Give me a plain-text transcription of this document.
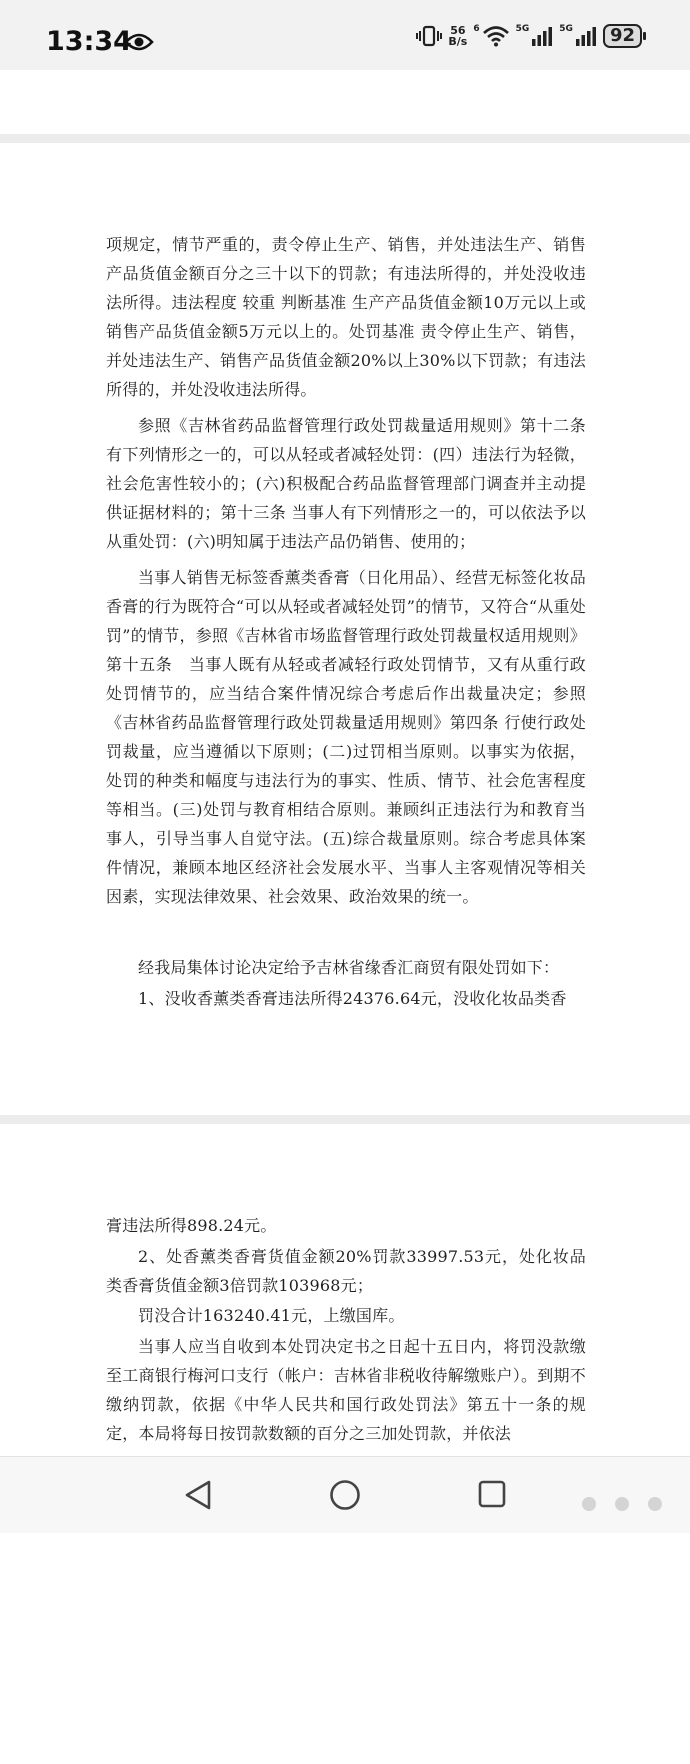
13:34	56
B/s
6	5G	5G	92

项规定，情节严重的，责令停止生产、销售，并处违法生产、销售产品货值金额百分之三十以下的罚款；有违法所得的，并处没收违法所得。违法程度 较重 判断基准 生产产品货值金额10万元以上或销售产品货值金额5万元以上的。处罚基准 责令停止生产、销售，并处违法生产、销售产品货值金额20%以上30%以下罚款；有违法所得的，并处没收违法所得。

参照《吉林省药品监督管理行政处罚裁量适用规则》第十二条 有下列情形之一的，可以从轻或者减轻处罚：(四）违法行为轻微，社会危害性较小的；(六)积极配合药品监督管理部门调查并主动提供证据材料的；第十三条 当事人有下列情形之一的，可以依法予以从重处罚：(六)明知属于违法产品仍销售、使用的；

当事人销售无标签香薰类香膏（日化用品）、经营无标签化妆品香膏的行为既符合“可以从轻或者减轻处罚”的情节，又符合“从重处罚”的情节，参照《吉林省市场监督管理行政处罚裁量权适用规则》第十五条　当事人既有从轻或者减轻行政处罚情节，又有从重行政处罚情节的，应当结合案件情况综合考虑后作出裁量决定；参照《吉林省药品监督管理行政处罚裁量适用规则》第四条 行使行政处罚裁量，应当遵循以下原则；(二)过罚相当原则。以事实为依据，处罚的种类和幅度与违法行为的事实、性质、情节、社会危害程度等相当。(三)处罚与教育相结合原则。兼顾纠正违法行为和教育当事人，引导当事人自觉守法。(五)综合裁量原则。综合考虑具体案件情况，兼顾本地区经济社会发展水平、当事人主客观情况等相关因素，实现法律效果、社会效果、政治效果的统一。

经我局集体讨论决定给予吉林省缘香汇商贸有限处罚如下：

1、没收香薰类香膏违法所得24376.64元，没收化妆品类香

膏违法所得898.24元。

2、处香薰类香膏货值金额20%罚款33997.53元，处化妆品类香膏货值金额3倍罚款103968元；

罚没合计163240.41元，上缴国库。

当事人应当自收到本处罚决定书之日起十五日内，将罚没款缴至工商银行梅河口支行（帐户：吉林省非税收待解缴账户）。到期不缴纳罚款，依据《中华人民共和国行政处罚法》第五十一条的规定，本局将每日按罚款数额的百分之三加处罚款，并依法
